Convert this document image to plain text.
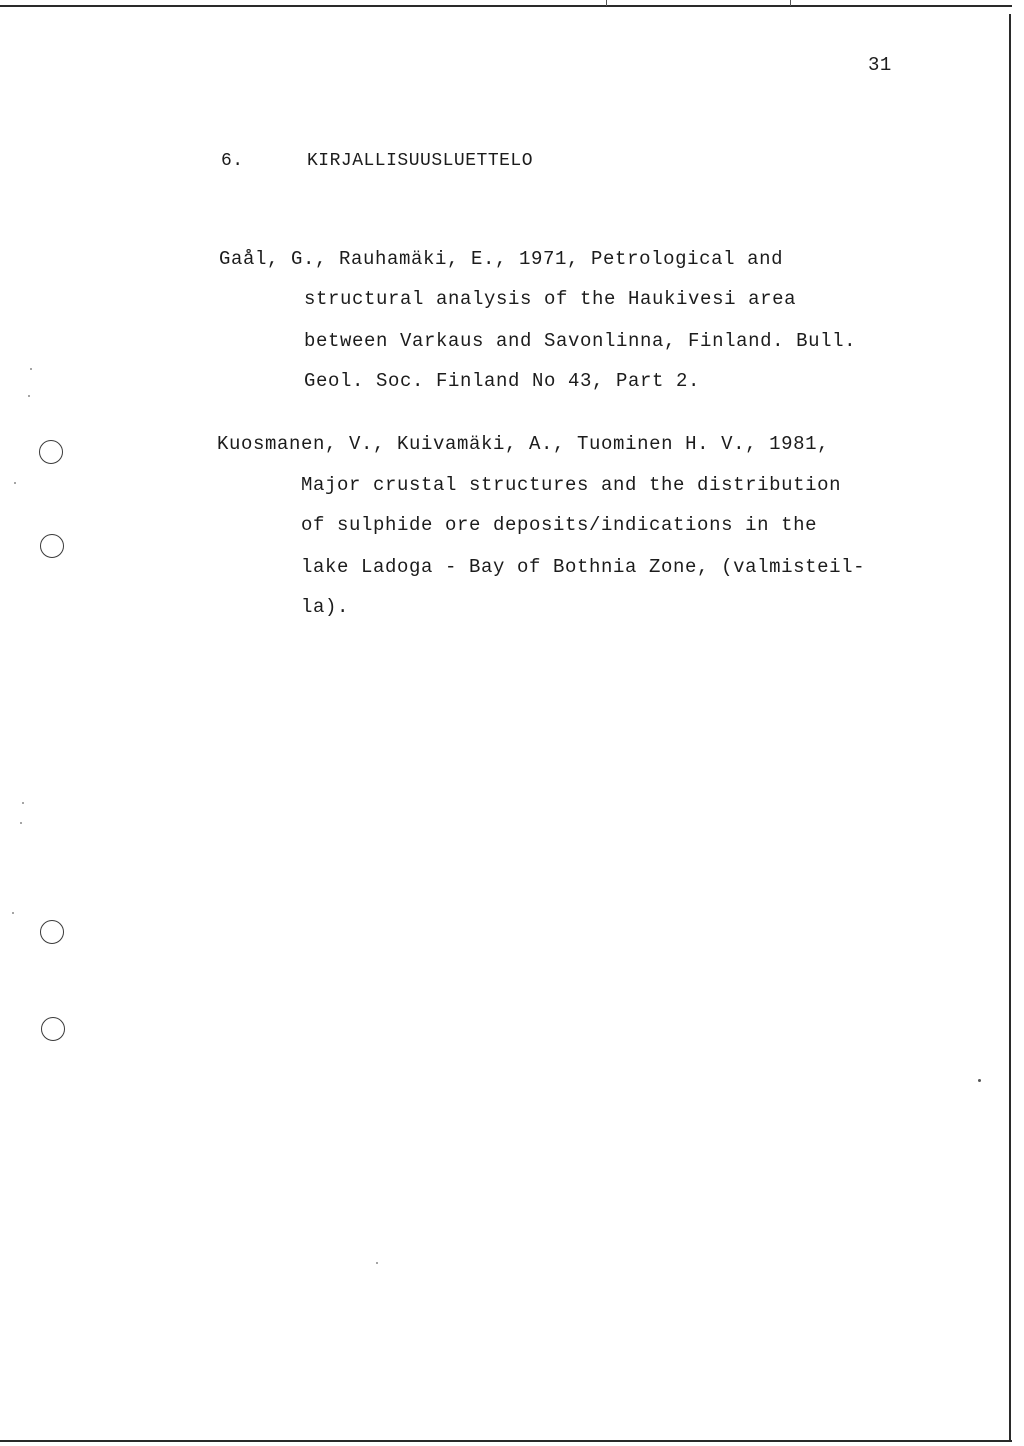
31
6.	KIRJALLISUUSLUETTELO
Gaål, G., Rauhamäki, E., 1971, Petrological and
structural analysis of the Haukivesi area
between Varkaus and Savonlinna, Finland. Bull.
Geol. Soc. Finland No 43, Part 2.
Kuosmanen, V., Kuivamäki, A., Tuominen H. V., 1981,
Major crustal structures and the distribution
of sulphide ore deposits/indications in the
lake Ladoga - Bay of Bothnia Zone, (valmisteil-
la).
